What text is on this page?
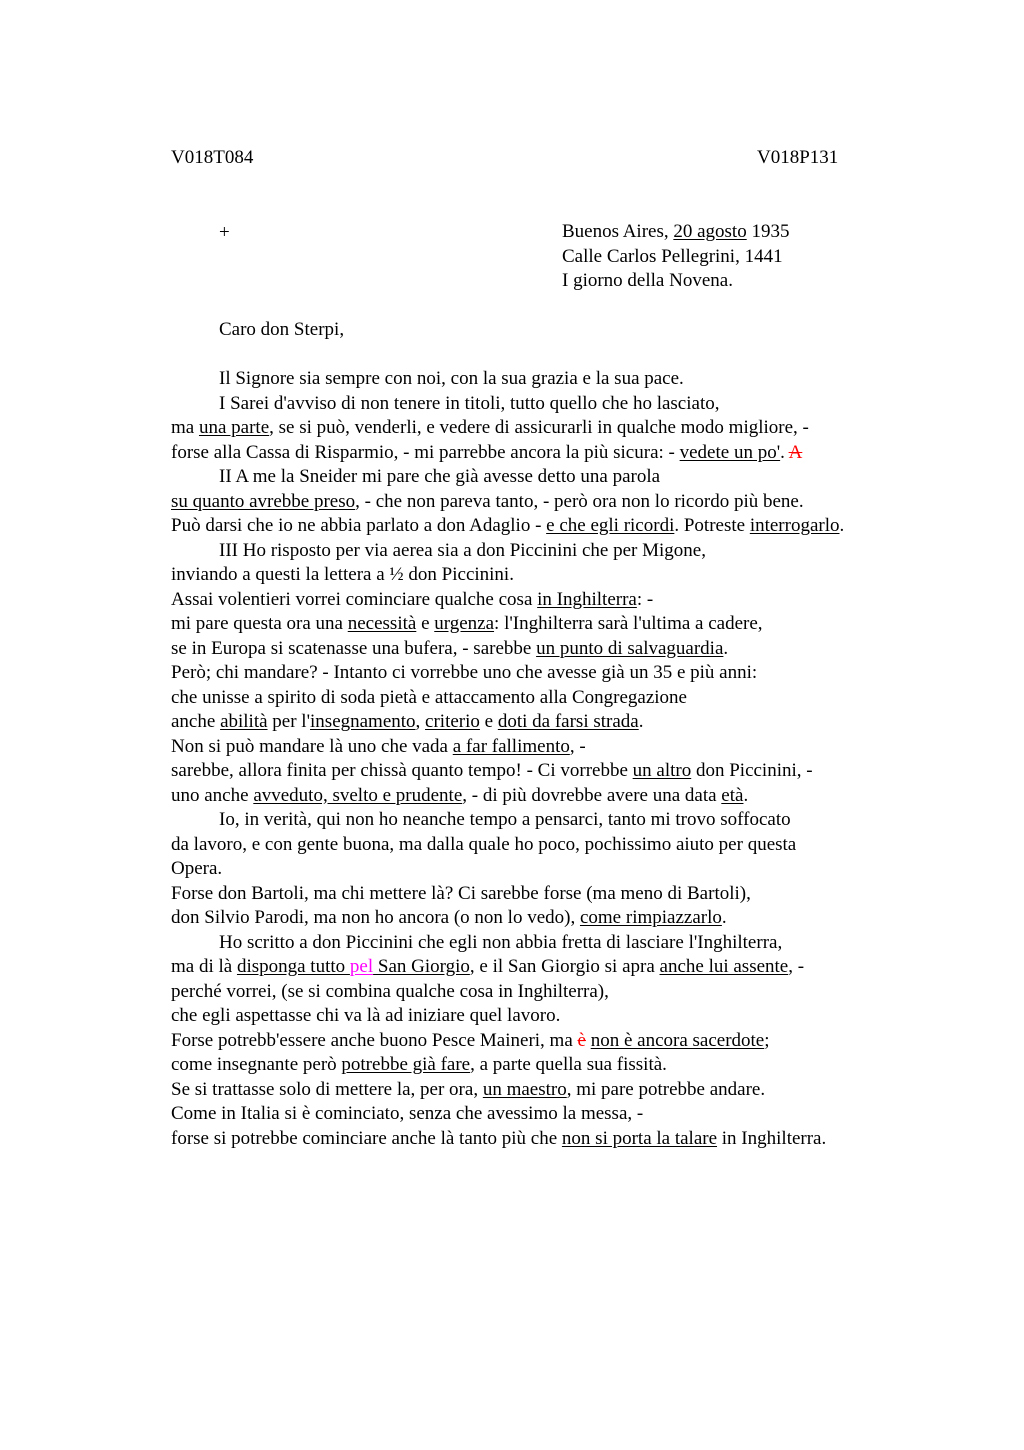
V018T084	V018P131
+	Buenos Aires, 20 agosto 1935
Calle Carlos Pellegrini, 1441
I giorno della Novena.
Caro don Sterpi,
Il Signore sia sempre con noi, con la sua grazia e la sua pace.
I Sarei d'avviso di non tenere in titoli, tutto quello che ho lasciato,
ma una parte, se si può, venderli, e vedere di assicurarli in qualche modo migliore, -
forse alla Cassa di Risparmio, - mi parrebbe ancora la più sicura: - vedete un po'. A
II A me la Sneider mi pare che già avesse detto una parola
su quanto avrebbe preso, - che non pareva tanto, - però ora non lo ricordo più bene.
Può darsi che io ne abbia parlato a don Adaglio - e che egli ricordi. Potreste interrogarlo.
III Ho risposto per via aerea sia a don Piccinini che per Migone,
inviando a questi la lettera a ½ don Piccinini.
Assai volentieri vorrei cominciare qualche cosa in Inghilterra: -
mi pare questa ora una necessità e urgenza: l'Inghilterra sarà l'ultima a cadere,
se in Europa si scatenasse una bufera, - sarebbe un punto di salvaguardia.
Però; chi mandare? - Intanto ci vorrebbe uno che avesse già un 35 e più anni:
che unisse a spirito di soda pietà e attaccamento alla Congregazione
anche abilità per l'insegnamento, criterio e doti da farsi strada.
Non si può mandare là uno che vada a far fallimento, -
sarebbe, allora finita per chissà quanto tempo! - Ci vorrebbe un altro don Piccinini, -
uno anche avveduto, svelto e prudente, - di più dovrebbe avere una data età.
Io, in verità, qui non ho neanche tempo a pensarci, tanto mi trovo soffocato
da lavoro, e con gente buona, ma dalla quale ho poco, pochissimo aiuto per questa
Opera.
Forse don Bartoli, ma chi mettere là? Ci sarebbe forse (ma meno di Bartoli),
don Silvio Parodi, ma non ho ancora (o non lo vedo), come rimpiazzarlo.
Ho scritto a don Piccinini che egli non abbia fretta di lasciare l'Inghilterra,
ma di là disponga tutto pel San Giorgio, e il San Giorgio si apra anche lui assente, -
perché vorrei, (se si combina qualche cosa in Inghilterra),
che egli aspettasse chi va là ad iniziare quel lavoro.
Forse potrebb'essere anche buono Pesce Maineri, ma è non è ancora sacerdote;
come insegnante però potrebbe già fare, a parte quella sua fissità.
Se si trattasse solo di mettere la, per ora, un maestro, mi pare potrebbe andare.
Come in Italia si è cominciato, senza che avessimo la messa, -
forse si potrebbe cominciare anche là tanto più che non si porta la talare in Inghilterra.
